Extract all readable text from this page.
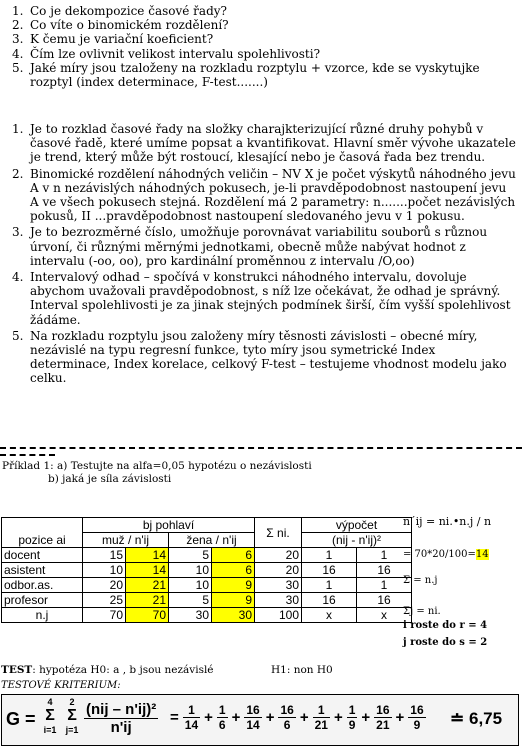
1. Co je dekompozice časové řady?
2. Co víte o binomickém rozdělení?
3. K čemu je variační koeficient?
4. Čím lze ovlivnit velikost intervalu spolehlivosti?
5. Jaké míry jsou tzaloženy na rozkladu rozptylu + vzorce, kde se vyskytujke rozptyl (index determinace, F-test.......)
1. Je to rozklad časové řady na složky charajkterizující různé druhy pohybů v časové řadě, které umíme popsat a kvantifikovat. Hlavní směr vývohe ukazatele je trend, který může být rostoucí, klesající nebo je časová řada bez trendu.
2. Binomické rozdělení náhodných veličin – NV X je počet výskytů náhodného jevu A v n nezávislých náhodných pokusech, je-li pravděpodobnost nastoupení jevu A ve všech pokusech stejná. Rozdělení má 2 parametry: n.......počet nezávislých pokusů, II ...pravděpodobnost nastoupení sledovaného jevu v 1 pokusu.
3. Je to bezrozměrné číslo, umožňuje porovnávat variabilitu souborů s různou úrvoní, či různými měrnými jednotkami, obecně může nabývat hodnot z intervalu (-oo, oo), pro kardinální proměnnou z intervalu /O,oo)
4. Intervalový odhad – spočívá v konstrukci náhodného intervalu, dovoluje abychom uvažovali pravděpodobnost, s níž lze očekávat, že odhad je správný. Interval spolehlivosti je za jinak stejných podmínek širší, čím vyšší spolehlivost žádáme.
5. Na rozkladu rozptylu jsou založeny míry těsnosti závislosti – obecné míry, nezávislé na typu regresní funkce, tyto míry jsou symetrické Index determinace, Index korelace, celkový F-test – testujeme vhodnost modelu jako celku.
Příklad 1: a) Testujte na alfa=0,05 hypotézu o nezávislosti
b) jaká je síla závislosti
pozice ai	bj pohlaví				Σ ni.	výpočet	
	muž / n'ij		žena / n'ij			(nij - n'ij)²	
docent	15	14	5	6	20	1	1
asistent	10	14	10	6	20	16	16
odbor.as.	20	21	10	9	30	1	1
profesor	25	21	5	9	30	16	16
n.j	70	70	30	30	100	x	x
n´ij = ni.•n.j / n
= 70*20/100=14
Σ = n.j
Σj = ni.
i roste do r = 4
j roste do s = 2
TEST: hypotéza H0: a , b jsou nezávislé	H1: non H0
TESTOVÉ KRITERIUM:
G =
4
Σ
i=1
2
Σ
j=1
(nij – n'ij)²
n'ij
= $\frac{1}{14} + \frac{1}{6} + \frac{16}{14} + \frac{16}{6} + \frac{1}{21} + \frac{1}{9} + \frac{16}{21} + \frac{16}{9}$ ≐ 6,75
